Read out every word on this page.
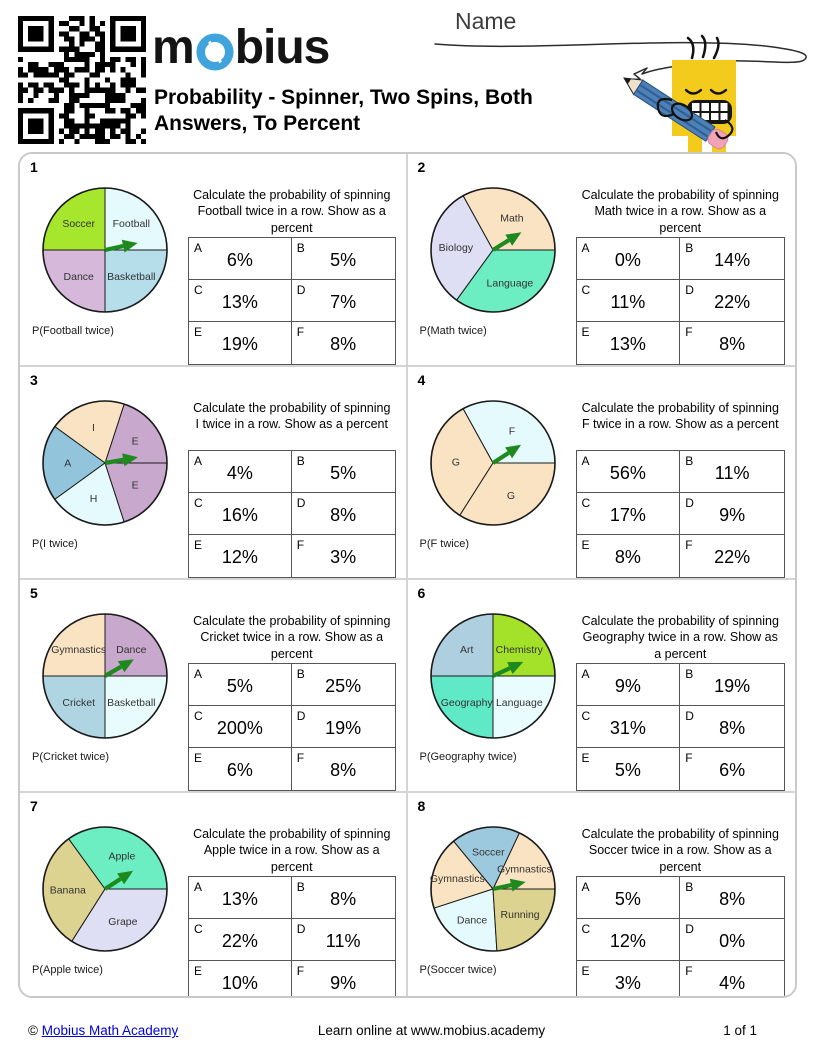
m bius
Probability - Spinner, Two Spins, Both Answers, To Percent
Name
1
Football
Soccer
Dance Basketball
P(Football twice)
Calculate the probability of spinning Football twice in a row. Show as a percent
A
6%
B
5%
C
13%
D
7%
E
19%
F
8%
2
Math
Biology
Language
P(Math twice)
Calculate the probability of spinning Math twice in a row. Show as a percent
A
0%
B
14%
C
11%
D
22%
E
13%
F
8%
3
E
I
A
H
E
P(I twice)
Calculate the probability of spinning I twice in a row. Show as a percent
A
4%
B
5%
C
16%
D
8%
E
12%
F
3%
4
F
G
G
P(F twice)
Calculate the probability of spinning F twice in a row. Show as a percent
A
56%
B
11%
C
17%
D
9%
E
8%
F
22%
5
Dance
Gymnastics
Cricket Basketball
P(Cricket twice)
Calculate the probability of spinning Cricket twice in a row. Show as a percent
A
5%
B
25%
C
200%
D
19%
E
6%
F
8%
6
Chemistry
Art
Geography Language
P(Geography twice)
Calculate the probability of spinning Geography twice in a row. Show as a percent
A
9%
B
19%
C
31%
D
8%
E
5%
F
6%
7
Apple
Banana
Grape
P(Apple twice)
Calculate the probability of spinning Apple twice in a row. Show as a percent
A
13%
B
8%
C
22%
D
11%
E
10%
F
9%
8
Gymnastics
Soccer
Gymnastics
Dance Running
P(Soccer twice)
Calculate the probability of spinning Soccer twice in a row. Show as a percent
A
5%
B
8%
C
12%
D
0%
E
3%
F
4%
© Mobius Math Academy	Learn online at www.mobius.academy	1 of 1
